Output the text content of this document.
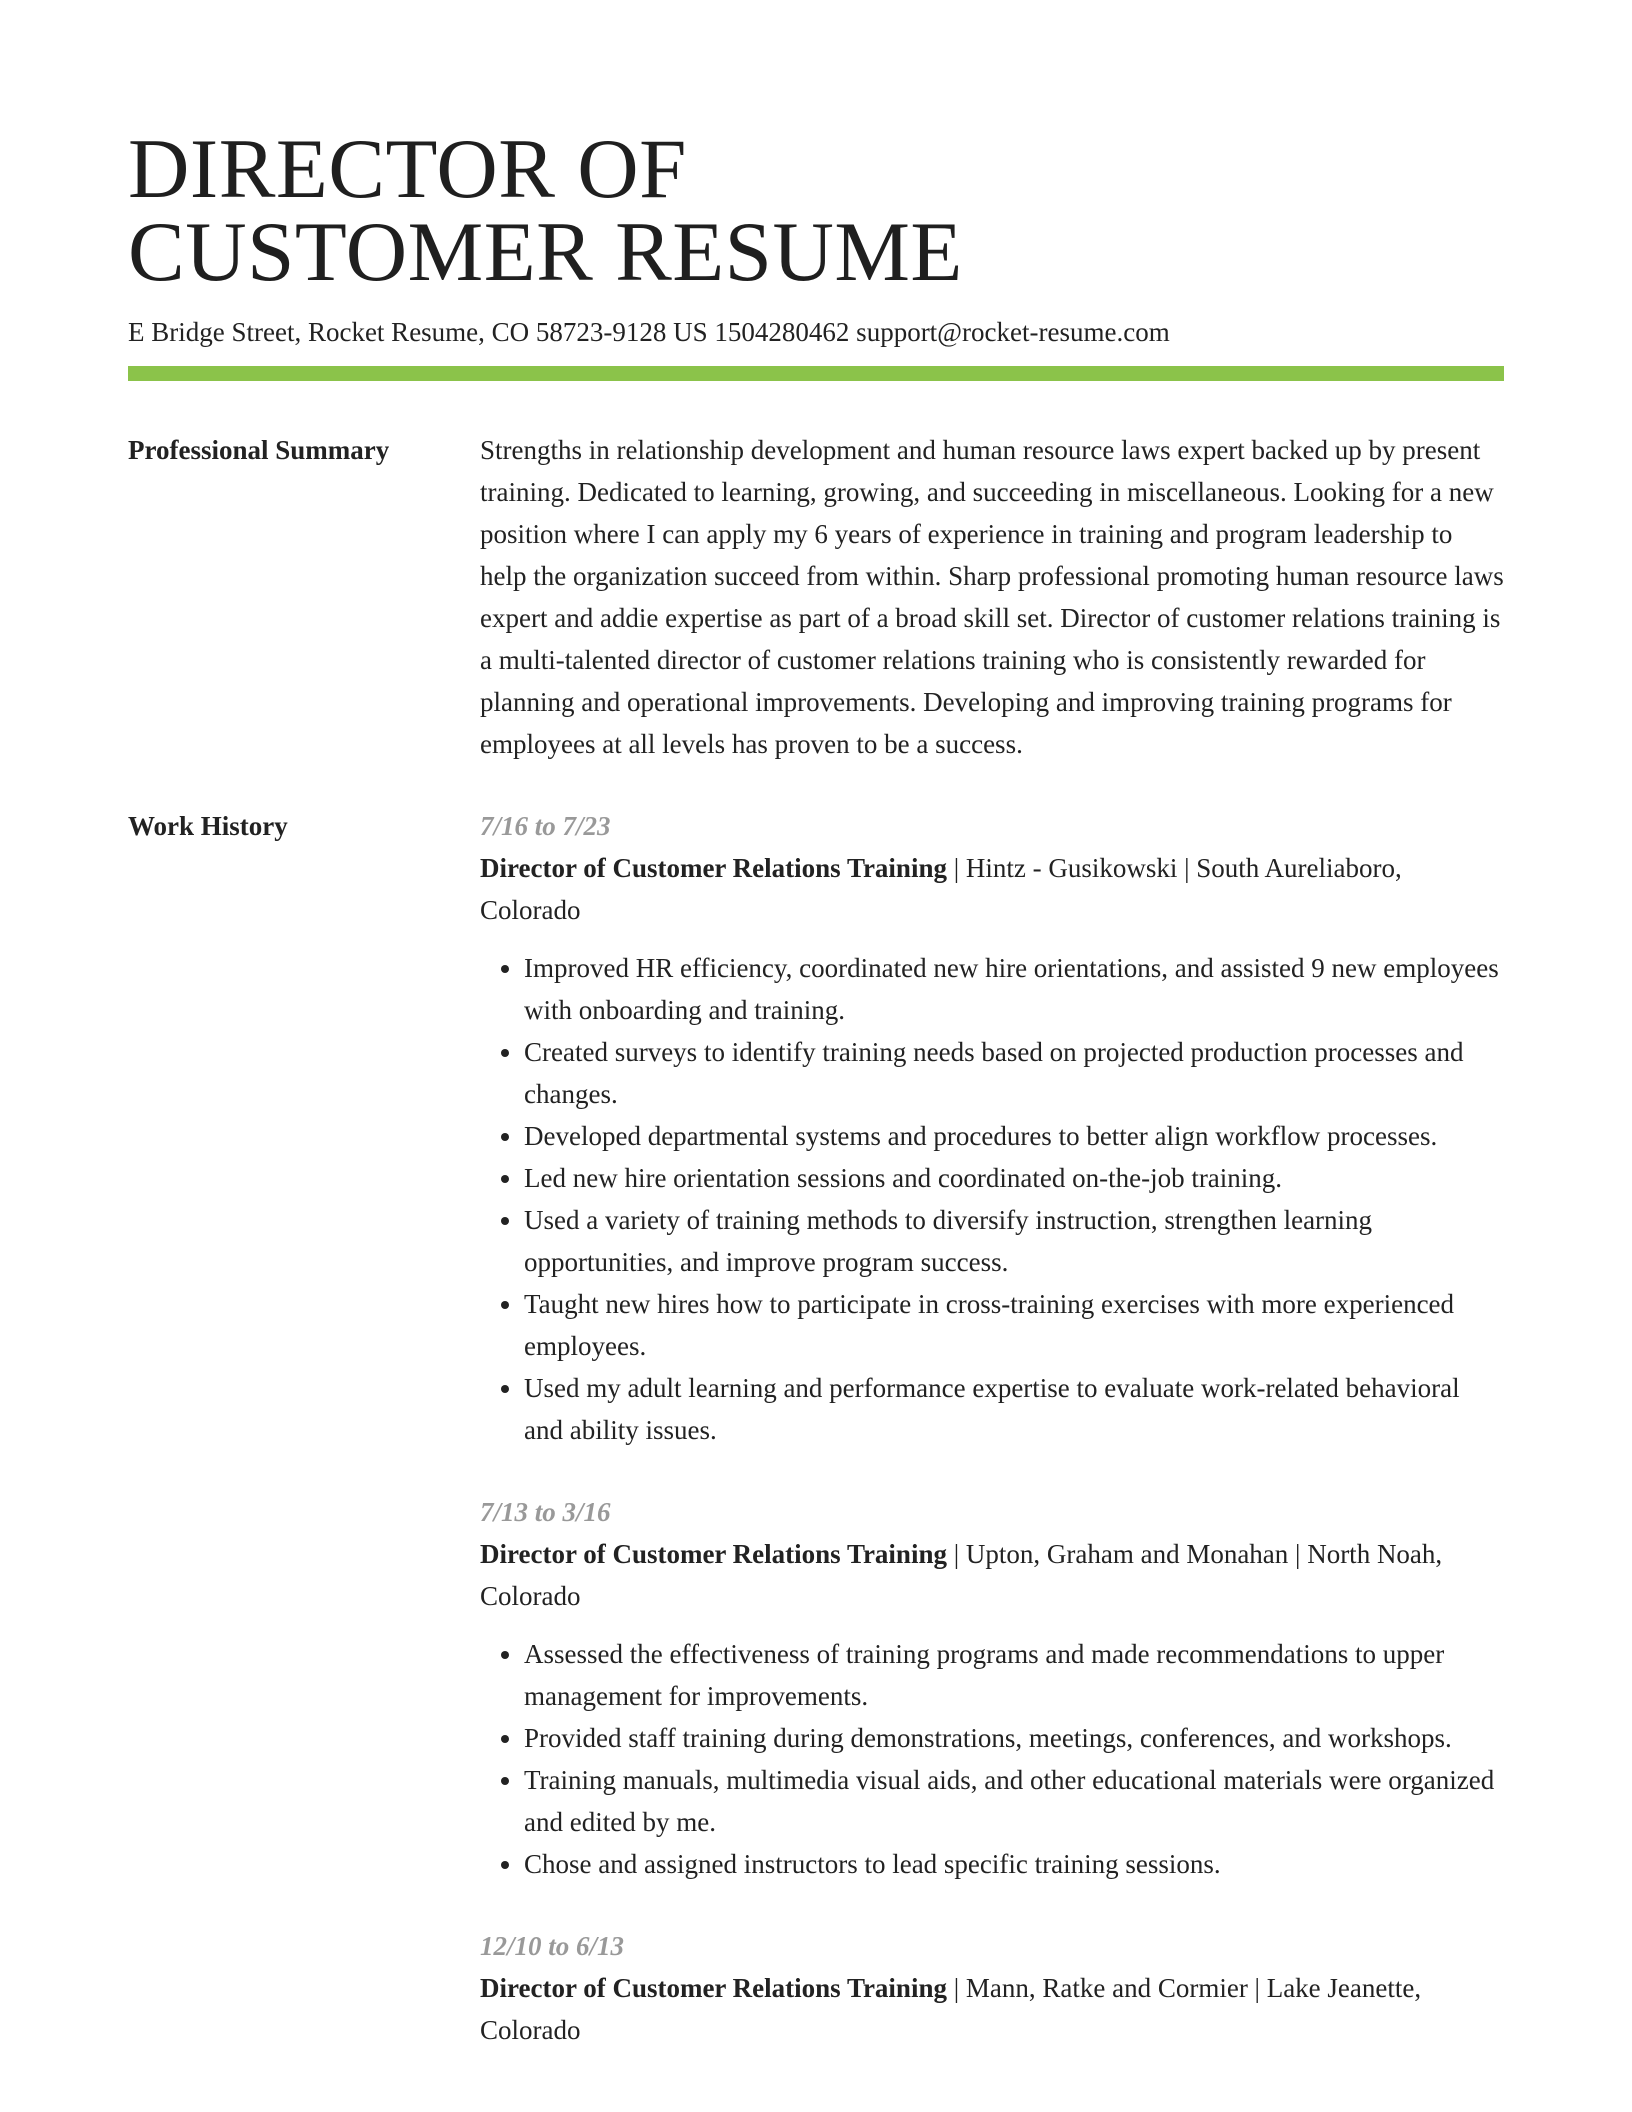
DIRECTOR OF
CUSTOMER RESUME
E Bridge Street, Rocket Resume, CO 58723-9128 US 1504280462 support@rocket-resume.com
Professional Summary	Strengths in relationship development and human resource laws expert backed up by present training. Dedicated to learning, growing, and succeeding in miscellaneous. Looking for a new position where I can apply my 6 years of experience in training and program leadership to help the organization succeed from within. Sharp professional promoting human resource laws expert and addie expertise as part of a broad skill set. Director of customer relations training is a multi-talented director of customer relations training who is consistently rewarded for planning and operational improvements. Developing and improving training programs for employees at all levels has proven to be a success.

Work History	7/16 to 7/23
Director of Customer Relations Training | Hintz - Gusikowski | South Aureliaboro, Colorado
• Improved HR efficiency, coordinated new hire orientations, and assisted 9 new employees with onboarding and training.
• Created surveys to identify training needs based on projected production processes and changes.
• Developed departmental systems and procedures to better align workflow processes.
• Led new hire orientation sessions and coordinated on-the-job training.
• Used a variety of training methods to diversify instruction, strengthen learning opportunities, and improve program success.
• Taught new hires how to participate in cross-training exercises with more experienced employees.
• Used my adult learning and performance expertise to evaluate work-related behavioral and ability issues.
7/13 to 3/16
Director of Customer Relations Training | Upton, Graham and Monahan | North Noah, Colorado
• Assessed the effectiveness of training programs and made recommendations to upper management for improvements.
• Provided staff training during demonstrations, meetings, conferences, and workshops.
• Training manuals, multimedia visual aids, and other educational materials were organized and edited by me.
• Chose and assigned instructors to lead specific training sessions.
12/10 to 6/13
Director of Customer Relations Training | Mann, Ratke and Cormier | Lake Jeanette, Colorado
